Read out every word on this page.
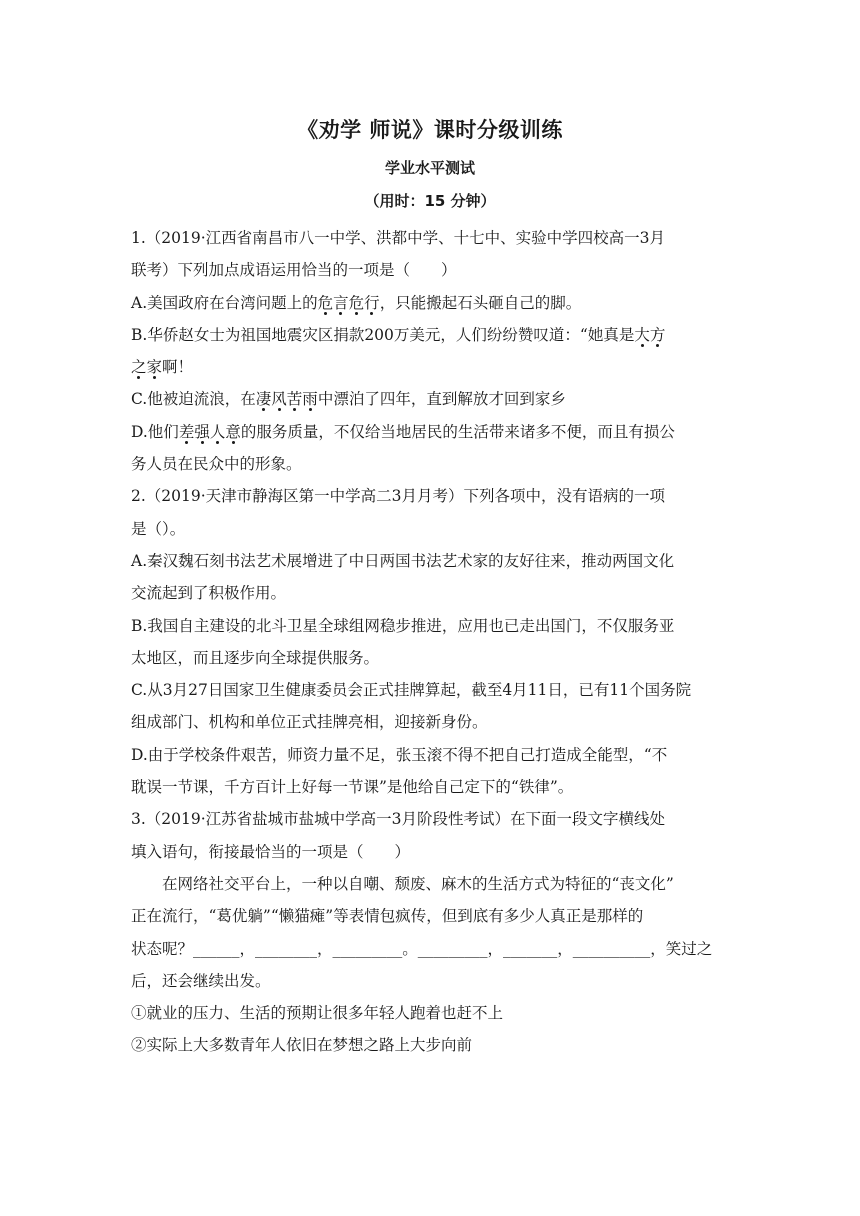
《劝学 师说》课时分级训练
学业水平测试
（用时：15 分钟）
1.（2019·江西省南昌市八一中学、洪都中学、十七中、实验中学四校高一3月
联考）下列加点成语运用恰当的一项是（　　）
A.美国政府在台湾问题上的危言危行，只能搬起石头砸自己的脚。
B.华侨赵女士为祖国地震灾区捐款200万美元，人们纷纷赞叹道：“她真是大方
之家啊！
C.他被迫流浪，在凄风苦雨中漂泊了四年，直到解放才回到家乡
D.他们差强人意的服务质量，不仅给当地居民的生活带来诸多不便，而且有损公
务人员在民众中的形象。
2.（2019·天津市静海区第一中学高二3月月考）下列各项中，没有语病的一项
是（）。
A.秦汉魏石刻书法艺术展增进了中日两国书法艺术家的友好往来，推动两国文化
交流起到了积极作用。
B.我国自主建设的北斗卫星全球组网稳步推进，应用也已走出国门，不仅服务亚
太地区，而且逐步向全球提供服务。
C.从3月27日国家卫生健康委员会正式挂牌算起，截至4月11日，已有11个国务院
组成部门、机构和单位正式挂牌亮相，迎接新身份。
D.由于学校条件艰苦，师资力量不足，张玉滚不得不把自己打造成全能型，“不
耽误一节课，千方百计上好每一节课”是他给自己定下的“铁律”。
3.（2019·江苏省盐城市盐城中学高一3月阶段性考试）在下面一段文字横线处
填入语句，衔接最恰当的一项是（　　）
在网络社交平台上，一种以自嘲、颓废、麻木的生活方式为特征的“丧文化”
正在流行，“葛优躺”“懒猫瘫”等表情包疯传，但到底有多少人真正是那样的
状态呢？______，________，_________。_________，_______，__________，笑过之
后，还会继续出发。
①就业的压力、生活的预期让很多年轻人跑着也赶不上
②实际上大多数青年人依旧在梦想之路上大步向前
